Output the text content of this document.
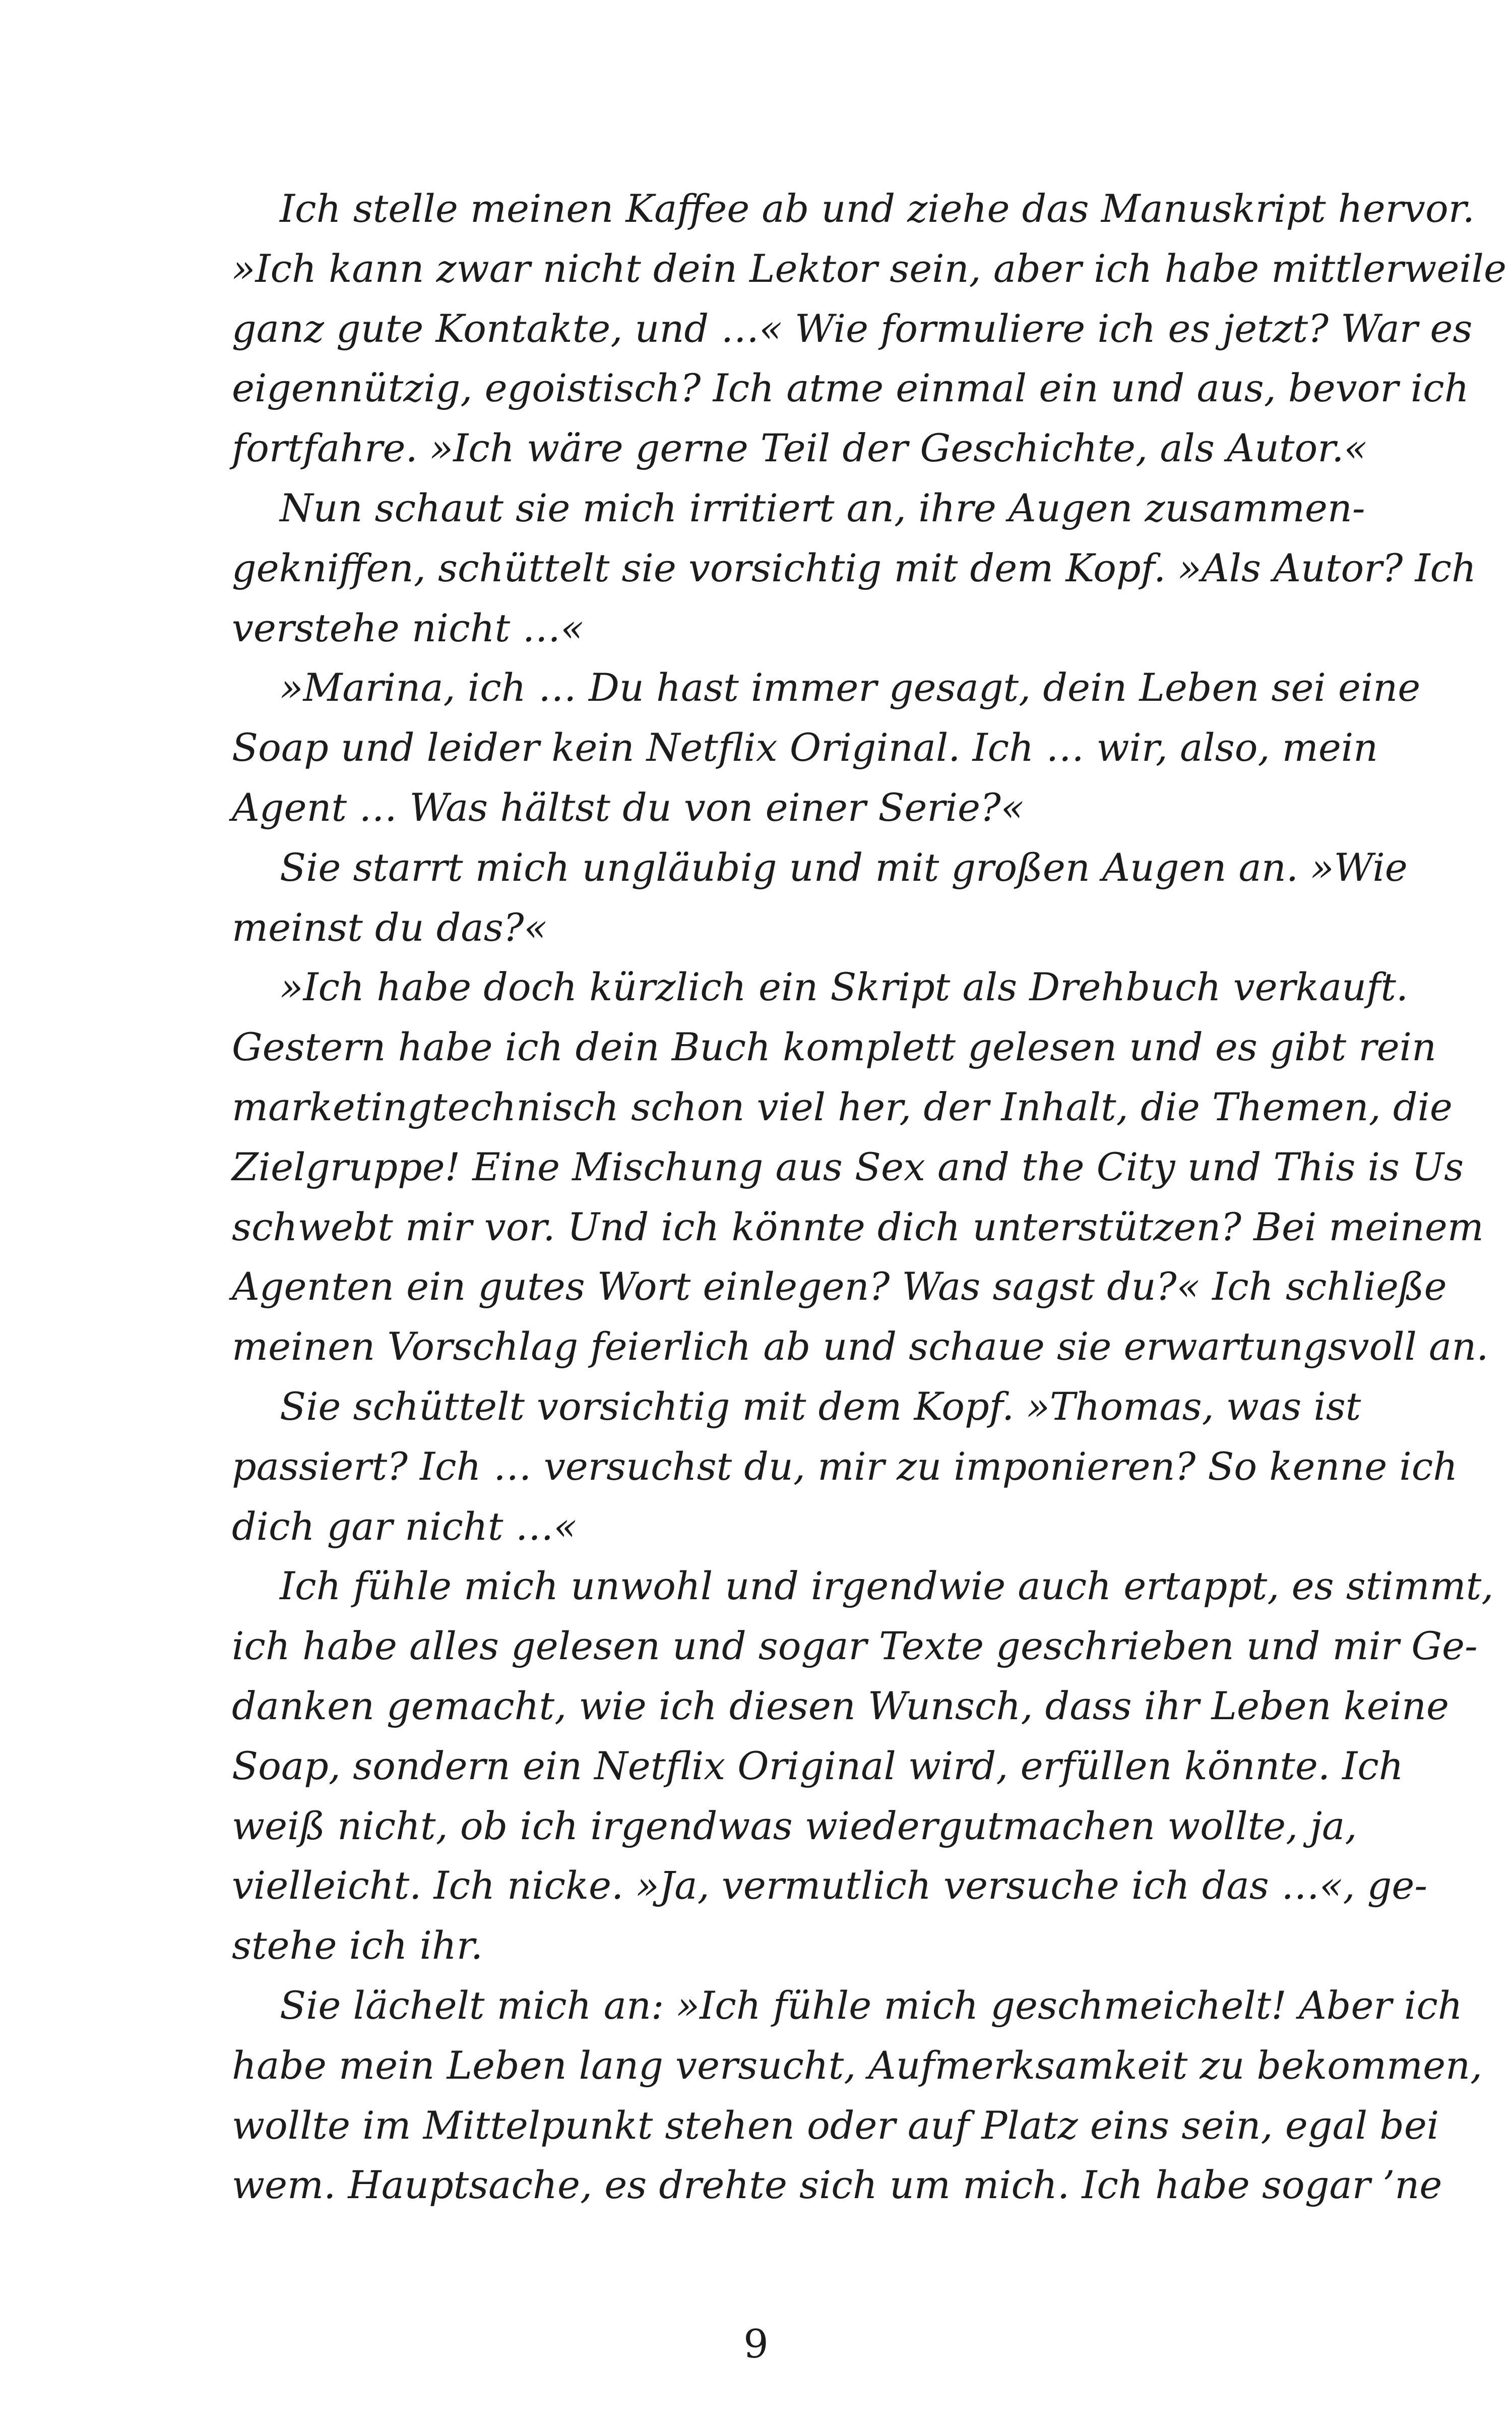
Ich stelle meinen Kaffee ab und ziehe das Manuskript hervor.
»Ich kann zwar nicht dein Lektor sein, aber ich habe mittlerweile
ganz gute Kontakte, und …« Wie formuliere ich es jetzt? War es
eigennützig, egoistisch? Ich atme einmal ein und aus, bevor ich
fortfahre. »Ich wäre gerne Teil der Geschichte, als Autor.«
Nun schaut sie mich irritiert an, ihre Augen zusammen-
gekniffen, schüttelt sie vorsichtig mit dem Kopf. »Als Autor? Ich
verstehe nicht …«
»Marina, ich … Du hast immer gesagt, dein Leben sei eine
Soap und leider kein Netflix Original. Ich … wir, also, mein
Agent … Was hältst du von einer Serie?«
Sie starrt mich ungläubig und mit großen Augen an. »Wie
meinst du das?«
»Ich habe doch kürzlich ein Skript als Drehbuch verkauft.
Gestern habe ich dein Buch komplett gelesen und es gibt rein
marketingtechnisch schon viel her, der Inhalt, die Themen, die
Zielgruppe! Eine Mischung aus Sex and the City und This is Us
schwebt mir vor. Und ich könnte dich unterstützen? Bei meinem
Agenten ein gutes Wort einlegen? Was sagst du?« Ich schließe
meinen Vorschlag feierlich ab und schaue sie erwartungsvoll an.
Sie schüttelt vorsichtig mit dem Kopf. »Thomas, was ist
passiert? Ich … versuchst du, mir zu imponieren? So kenne ich
dich gar nicht …«
Ich fühle mich unwohl und irgendwie auch ertappt, es stimmt,
ich habe alles gelesen und sogar Texte geschrieben und mir Ge-
danken gemacht, wie ich diesen Wunsch, dass ihr Leben keine
Soap, sondern ein Netflix Original wird, erfüllen könnte. Ich
weiß nicht, ob ich irgendwas wiedergutmachen wollte, ja,
vielleicht. Ich nicke. »Ja, vermutlich versuche ich das …«, ge-
stehe ich ihr.
Sie lächelt mich an: »Ich fühle mich geschmeichelt! Aber ich
habe mein Leben lang versucht, Aufmerksamkeit zu bekommen,
wollte im Mittelpunkt stehen oder auf Platz eins sein, egal bei
wem. Hauptsache, es drehte sich um mich. Ich habe sogar ’ne
9
